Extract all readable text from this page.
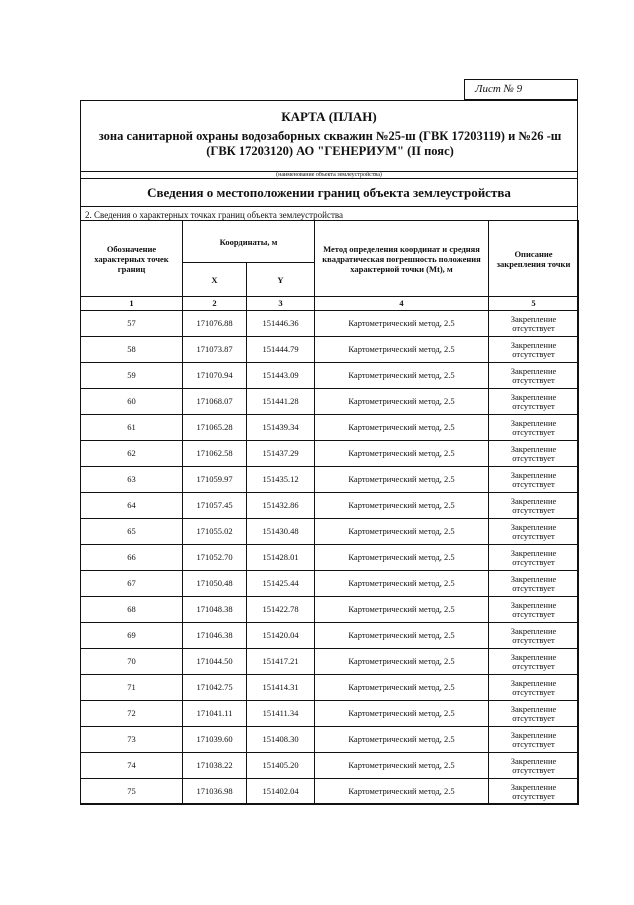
Лист № 9
КАРТА (ПЛАН)
зона санитарной охраны водозаборных скважин №25-ш (ГВК 17203119) и №26 -ш (ГВК 17203120) АО "ГЕНЕРИУМ" (II пояс)
(наименование объекта землеустройства)
Сведения о местоположении границ объекта землеустройства
2. Сведения о характерных точках границ объекта землеустройства
Обозначение характерных точек границ	Координаты, м		Метод определения координат и средняя квадратическая погрешность положения характерной точки (Mt), м	Описание закрепления точки
	X	Y		
1	2	3	4	5
57	171076.88	151446.36	Картометрический метод, 2.5	Закрепление отсутствует
58	171073.87	151444.79	Картометрический метод, 2.5	Закрепление отсутствует
59	171070.94	151443.09	Картометрический метод, 2.5	Закрепление отсутствует
60	171068.07	151441.28	Картометрический метод, 2.5	Закрепление отсутствует
61	171065.28	151439.34	Картометрический метод, 2.5	Закрепление отсутствует
62	171062.58	151437.29	Картометрический метод, 2.5	Закрепление отсутствует
63	171059.97	151435.12	Картометрический метод, 2.5	Закрепление отсутствует
64	171057.45	151432.86	Картометрический метод, 2.5	Закрепление отсутствует
65	171055.02	151430.48	Картометрический метод, 2.5	Закрепление отсутствует
66	171052.70	151428.01	Картометрический метод, 2.5	Закрепление отсутствует
67	171050.48	151425.44	Картометрический метод, 2.5	Закрепление отсутствует
68	171048.38	151422.78	Картометрический метод, 2.5	Закрепление отсутствует
69	171046.38	151420.04	Картометрический метод, 2.5	Закрепление отсутствует
70	171044.50	151417.21	Картометрический метод, 2.5	Закрепление отсутствует
71	171042.75	151414.31	Картометрический метод, 2.5	Закрепление отсутствует
72	171041.11	151411.34	Картометрический метод, 2.5	Закрепление отсутствует
73	171039.60	151408.30	Картометрический метод, 2.5	Закрепление отсутствует
74	171038.22	151405.20	Картометрический метод, 2.5	Закрепление отсутствует
75	171036.98	151402.04	Картометрический метод, 2.5	Закрепление отсутствует
